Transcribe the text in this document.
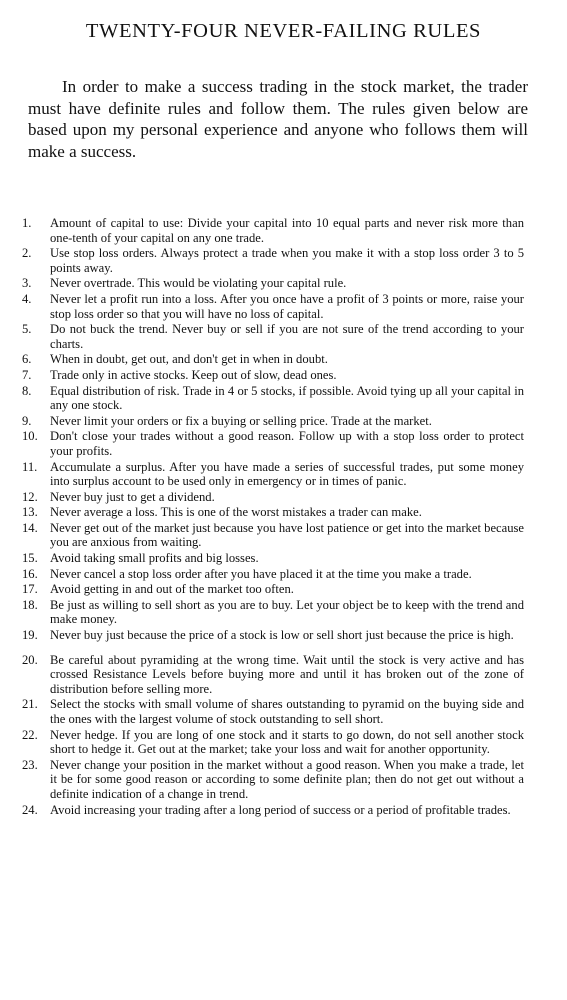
TWENTY-FOUR NEVER-FAILING RULES

In order to make a success trading in the stock market, the trader must have definite rules and follow them. The rules given below are based upon my personal experience and anyone who follows them will make a success.

1.	Amount of capital to use: Divide your capital into 10 equal parts and never risk more than one-tenth of your capital on any one trade.
2.	Use stop loss orders. Always protect a trade when you make it with a stop loss order 3 to 5 points away.
3.	Never overtrade. This would be violating your capital rule.
4.	Never let a profit run into a loss. After you once have a profit of 3 points or more, raise your stop loss order so that you will have no loss of capital.
5.	Do not buck the trend. Never buy or sell if you are not sure of the trend according to your charts.
6.	When in doubt, get out, and don't get in when in doubt.
7.	Trade only in active stocks. Keep out of slow, dead ones.
8.	Equal distribution of risk. Trade in 4 or 5 stocks, if possible. Avoid tying up all your capital in any one stock.
9.	Never limit your orders or fix a buying or selling price. Trade at the market.
10. Don't close your trades without a good reason. Follow up with a stop loss order to protect your profits.
11.	Accumulate a surplus. After you have made a series of successful trades, put some money into surplus account to be used only in emergency or in times of panic.
12. Never buy just to get a dividend.
13. Never average a loss. This is one of the worst mistakes a trader can make.
14. Never get out of the market just because you have lost patience or get into the market because you are anxious from waiting.
15. Avoid taking small profits and big losses.
16. Never cancel a stop loss order after you have placed it at the time you make a trade.
17. Avoid getting in and out of the market too often.
18. Be just as willing to sell short as you are to buy. Let your object be to keep with the trend and make money.
19. Never buy just because the price of a stock is low or sell short just because the price is high.
20. Be careful about pyramiding at the wrong time. Wait until the stock is very active and has crossed Resistance Levels before buying more and until it has broken out of the zone of distribution before selling more.
21. Select the stocks with small volume of shares outstanding to pyramid on the buying side and the ones with the largest volume of stock outstanding to sell short.
22. Never hedge. If you are long of one stock and it starts to go down, do not sell another stock short to hedge it. Get out at the market; take your loss and wait for another opportunity.
23. Never change your position in the market without a good reason. When you make a trade, let it be for some good reason or according to some definite plan; then do not get out without a definite indication of a change in trend.
24. Avoid increasing your trading after a long period of success or a period of profitable trades.
